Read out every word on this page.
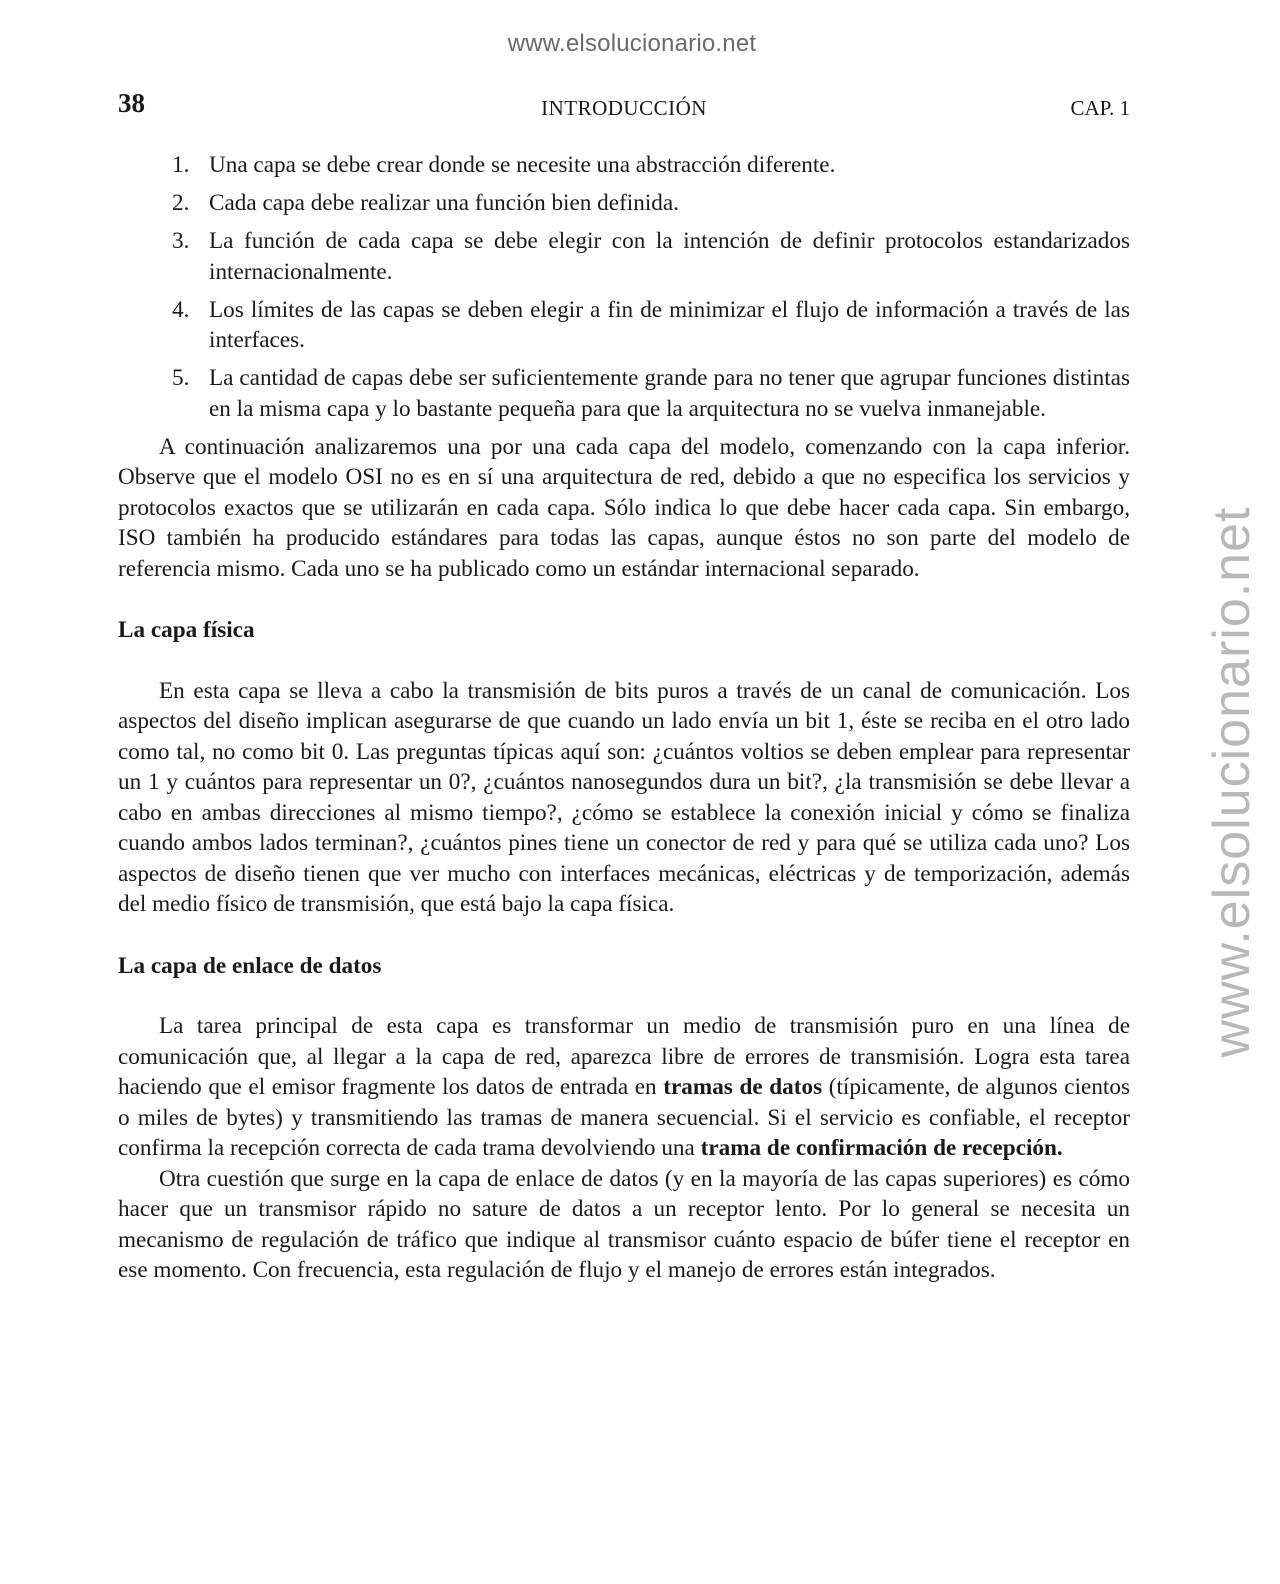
www.elsolucionario.net
www.elsolucionario.net
38	INTRODUCCIÓN	CAP. 1
1. Una capa se debe crear donde se necesite una abstracción diferente.
2. Cada capa debe realizar una función bien definida.
3. La función de cada capa se debe elegir con la intención de definir protocolos estandarizados internacionalmente.
4. Los límites de las capas se deben elegir a fin de minimizar el flujo de información a través de las interfaces.
5. La cantidad de capas debe ser suficientemente grande para no tener que agrupar funciones distintas en la misma capa y lo bastante pequeña para que la arquitectura no se vuelva inmanejable.

A continuación analizaremos una por una cada capa del modelo, comenzando con la capa inferior. Observe que el modelo OSI no es en sí una arquitectura de red, debido a que no especifica los servicios y protocolos exactos que se utilizarán en cada capa. Sólo indica lo que debe hacer cada capa. Sin embargo, ISO también ha producido estándares para todas las capas, aunque éstos no son parte del modelo de referencia mismo. Cada uno se ha publicado como un estándar internacional separado.

La capa física

En esta capa se lleva a cabo la transmisión de bits puros a través de un canal de comunicación. Los aspectos del diseño implican asegurarse de que cuando un lado envía un bit 1, éste se reciba en el otro lado como tal, no como bit 0. Las preguntas típicas aquí son: ¿cuántos voltios se deben emplear para representar un 1 y cuántos para representar un 0?, ¿cuántos nanosegundos dura un bit?, ¿la transmisión se debe llevar a cabo en ambas direcciones al mismo tiempo?, ¿cómo se establece la conexión inicial y cómo se finaliza cuando ambos lados terminan?, ¿cuántos pines tiene un conector de red y para qué se utiliza cada uno? Los aspectos de diseño tienen que ver mucho con interfaces mecánicas, eléctricas y de temporización, además del medio físico de transmisión, que está bajo la capa física.

La capa de enlace de datos

La tarea principal de esta capa es transformar un medio de transmisión puro en una línea de comunicación que, al llegar a la capa de red, aparezca libre de errores de transmisión. Logra esta tarea haciendo que el emisor fragmente los datos de entrada en tramas de datos (típicamente, de algunos cientos o miles de bytes) y transmitiendo las tramas de manera secuencial. Si el servicio es confiable, el receptor confirma la recepción correcta de cada trama devolviendo una trama de confirmación de recepción.

Otra cuestión que surge en la capa de enlace de datos (y en la mayoría de las capas superiores) es cómo hacer que un transmisor rápido no sature de datos a un receptor lento. Por lo general se necesita un mecanismo de regulación de tráfico que indique al transmisor cuánto espacio de búfer tiene el receptor en ese momento. Con frecuencia, esta regulación de flujo y el manejo de errores están integrados.
